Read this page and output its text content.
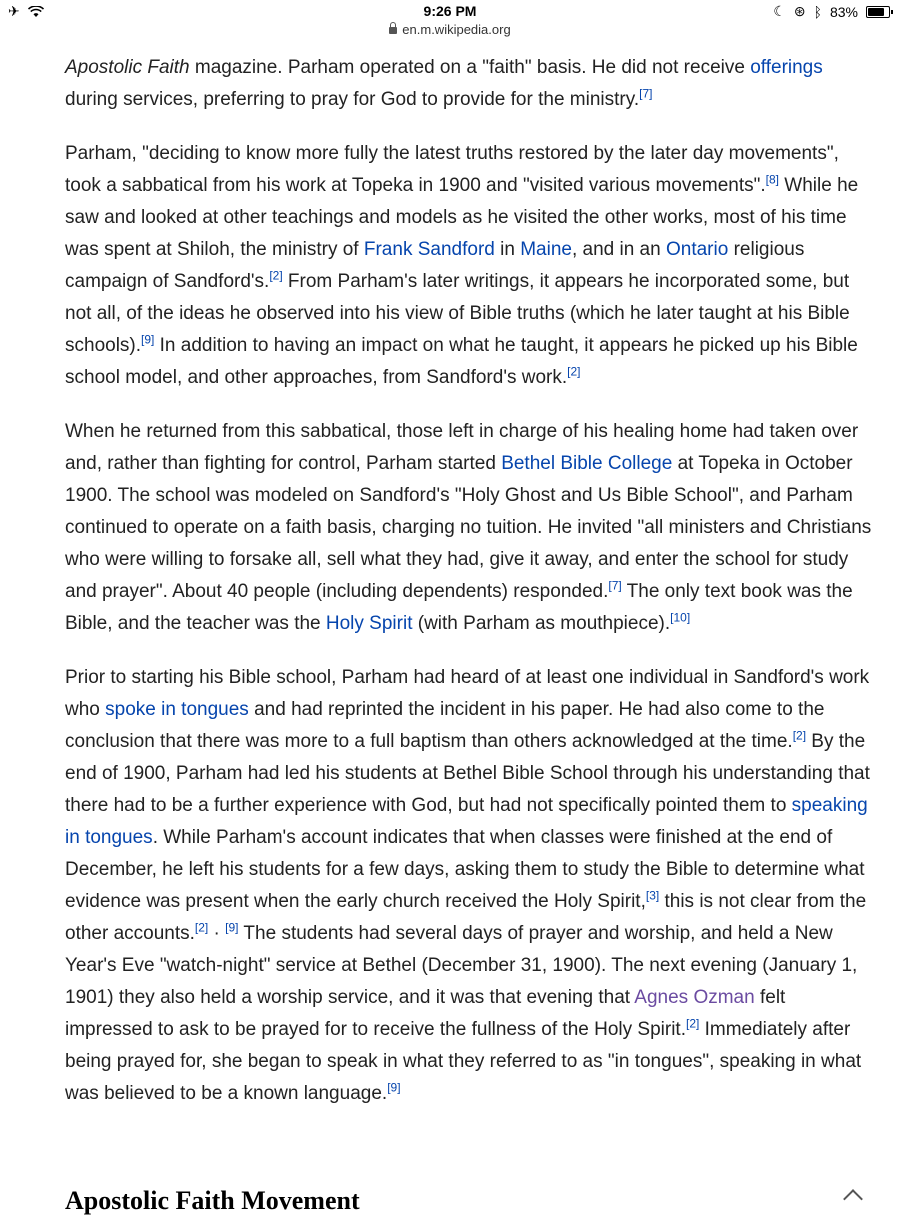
✈	9:26 PM	☾ ⊛ ᛒ 83%
en.m.wikipedia.org

Apostolic Faith magazine. Parham operated on a "faith" basis. He did not receive offerings during services, preferring to pray for God to provide for the ministry.[7]

Parham, "deciding to know more fully the latest truths restored by the later day movements", took a sabbatical from his work at Topeka in 1900 and "visited various movements".[8] While he saw and looked at other teachings and models as he visited the other works, most of his time was spent at Shiloh, the ministry of Frank Sandford in Maine, and in an Ontario religious campaign of Sandford's.[2] From Parham's later writings, it appears he incorporated some, but not all, of the ideas he observed into his view of Bible truths (which he later taught at his Bible schools).[9] In addition to having an impact on what he taught, it appears he picked up his Bible school model, and other approaches, from Sandford's work.[2]

When he returned from this sabbatical, those left in charge of his healing home had taken over and, rather than fighting for control, Parham started Bethel Bible College at Topeka in October 1900. The school was modeled on Sandford's "Holy Ghost and Us Bible School", and Parham continued to operate on a faith basis, charging no tuition. He invited "all ministers and Christians who were willing to forsake all, sell what they had, give it away, and enter the school for study and prayer". About 40 people (including dependents) responded.[7] The only text book was the Bible, and the teacher was the Holy Spirit (with Parham as mouthpiece).[10]

Prior to starting his Bible school, Parham had heard of at least one individual in Sandford's work who spoke in tongues and had reprinted the incident in his paper. He had also come to the conclusion that there was more to a full baptism than others acknowledged at the time.[2] By the end of 1900, Parham had led his students at Bethel Bible School through his understanding that there had to be a further experience with God, but had not specifically pointed them to speaking in tongues. While Parham's account indicates that when classes were finished at the end of December, he left his students for a few days, asking them to study the Bible to determine what evidence was present when the early church received the Holy Spirit,[3] this is not clear from the other accounts.[2] · [9] The students had several days of prayer and worship, and held a New Year's Eve "watch-night" service at Bethel (December 31, 1900). The next evening (January 1, 1901) they also held a worship service, and it was that evening that Agnes Ozman felt impressed to ask to be prayed for to receive the fullness of the Holy Spirit.[2] Immediately after being prayed for, she began to speak in what they referred to as "in tongues", speaking in what was believed to be a known language.[9]

Apostolic Faith Movement
